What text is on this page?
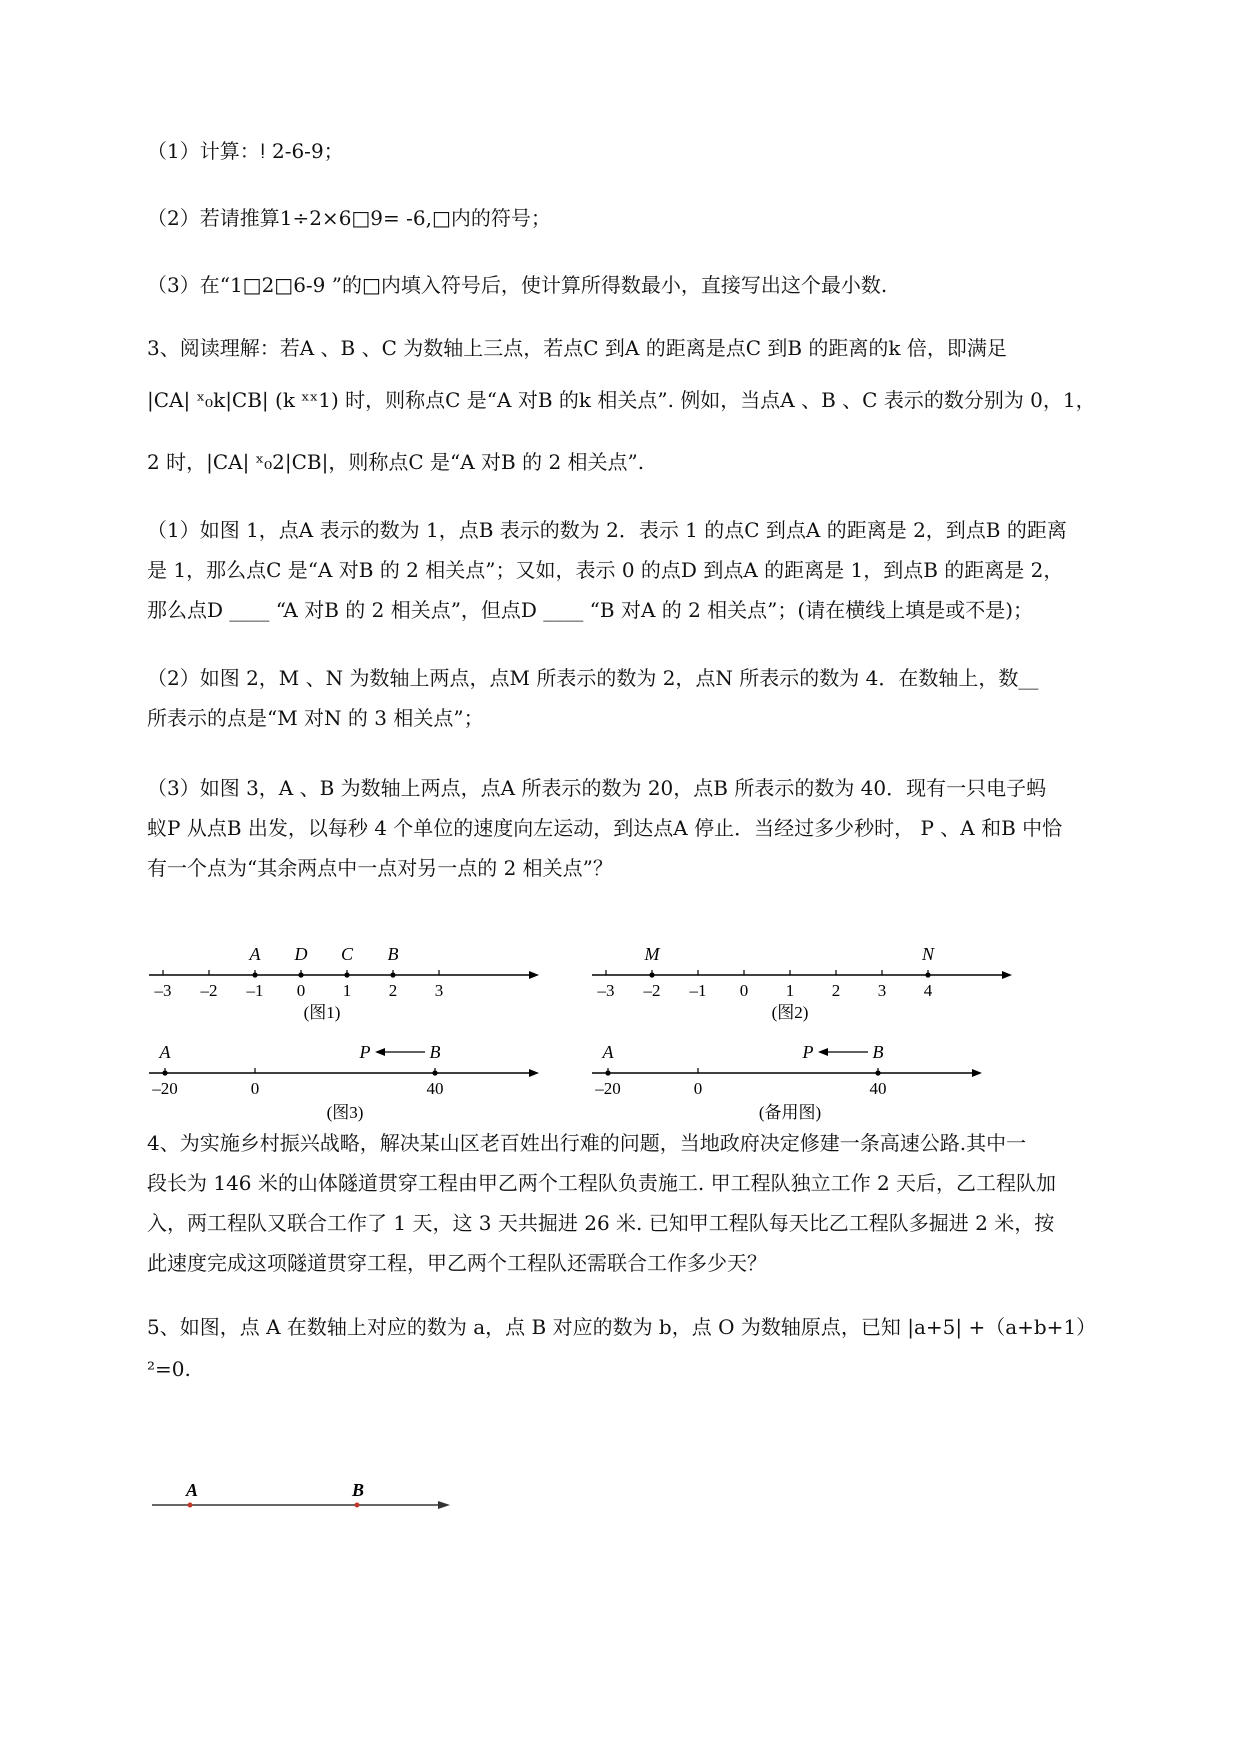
（1）计算：ǃ 2-6-9；
（2）若请推算1÷2×6□9= -6,□内的符号；
（3）在“1□2□6-9 ”的□内填入符号后，使计算所得数最小，直接写出这个最小数.
3、阅读理解：若A 、B 、C 为数轴上三点，若点C 到A 的距离是点C 到B 的距离的k 倍，即满足
|CA| ˣ₀k|CB| (k ˣˣ1) 时，则称点C 是“A 对B 的k 相关点”. 例如，当点A 、B 、C 表示的数分别为 0，1，
2 时，|CA| ˣ₀2|CB|，则称点C 是“A 对B 的 2 相关点”.
（1）如图 1，点A 表示的数为 1，点B 表示的数为 2．表示 1 的点C 到点A 的距离是 2，到点B 的距离
是 1，那么点C 是“A 对B 的 2 相关点”；又如，表示 0 的点D 到点A 的距离是 1，到点B 的距离是 2，
那么点D ____ “A 对B 的 2 相关点”，但点D ____ “B 对A 的 2 相关点”；(请在横线上填是或不是)；
（2）如图 2，M 、N 为数轴上两点，点M 所表示的数为 2，点N 所表示的数为 4．在数轴上，数__
所表示的点是“M 对N 的 3 相关点”；
（3）如图 3，A 、B 为数轴上两点，点A 所表示的数为 20，点B 所表示的数为 40．现有一只电子蚂
蚁P 从点B 出发，以每秒 4 个单位的速度向左运动，到达点A 停止．当经过多少秒时， P 、A 和B 中恰
有一个点为“其余两点中一点对另一点的 2 相关点”？
4、为实施乡村振兴战略，解决某山区老百姓出行难的问题，当地政府决定修建一条高速公路.其中一
段长为 146 米的山体隧道贯穿工程由甲乙两个工程队负责施工. 甲工程队独立工作 2 天后，乙工程队加
入，两工程队又联合工作了 1 天，这 3 天共掘进 26 米. 已知甲工程队每天比乙工程队多掘进 2 米，按
此速度完成这项隧道贯穿工程，甲乙两个工程队还需联合工作多少天？
5、如图，点 A 在数轴上对应的数为 a，点 B 对应的数为 b，点 O 为数轴原点，已知 |a+5| +（a+b+1）
²=0.
–3 –2 –1 0 1 2 3
A D C B
(图1)
–3 –2 –1 0 1 2 3 4
M	N
(图2)
–20	0	40
A	B
P
(图3)
–20	0	40
A	B
P
(备用图)
A	B
